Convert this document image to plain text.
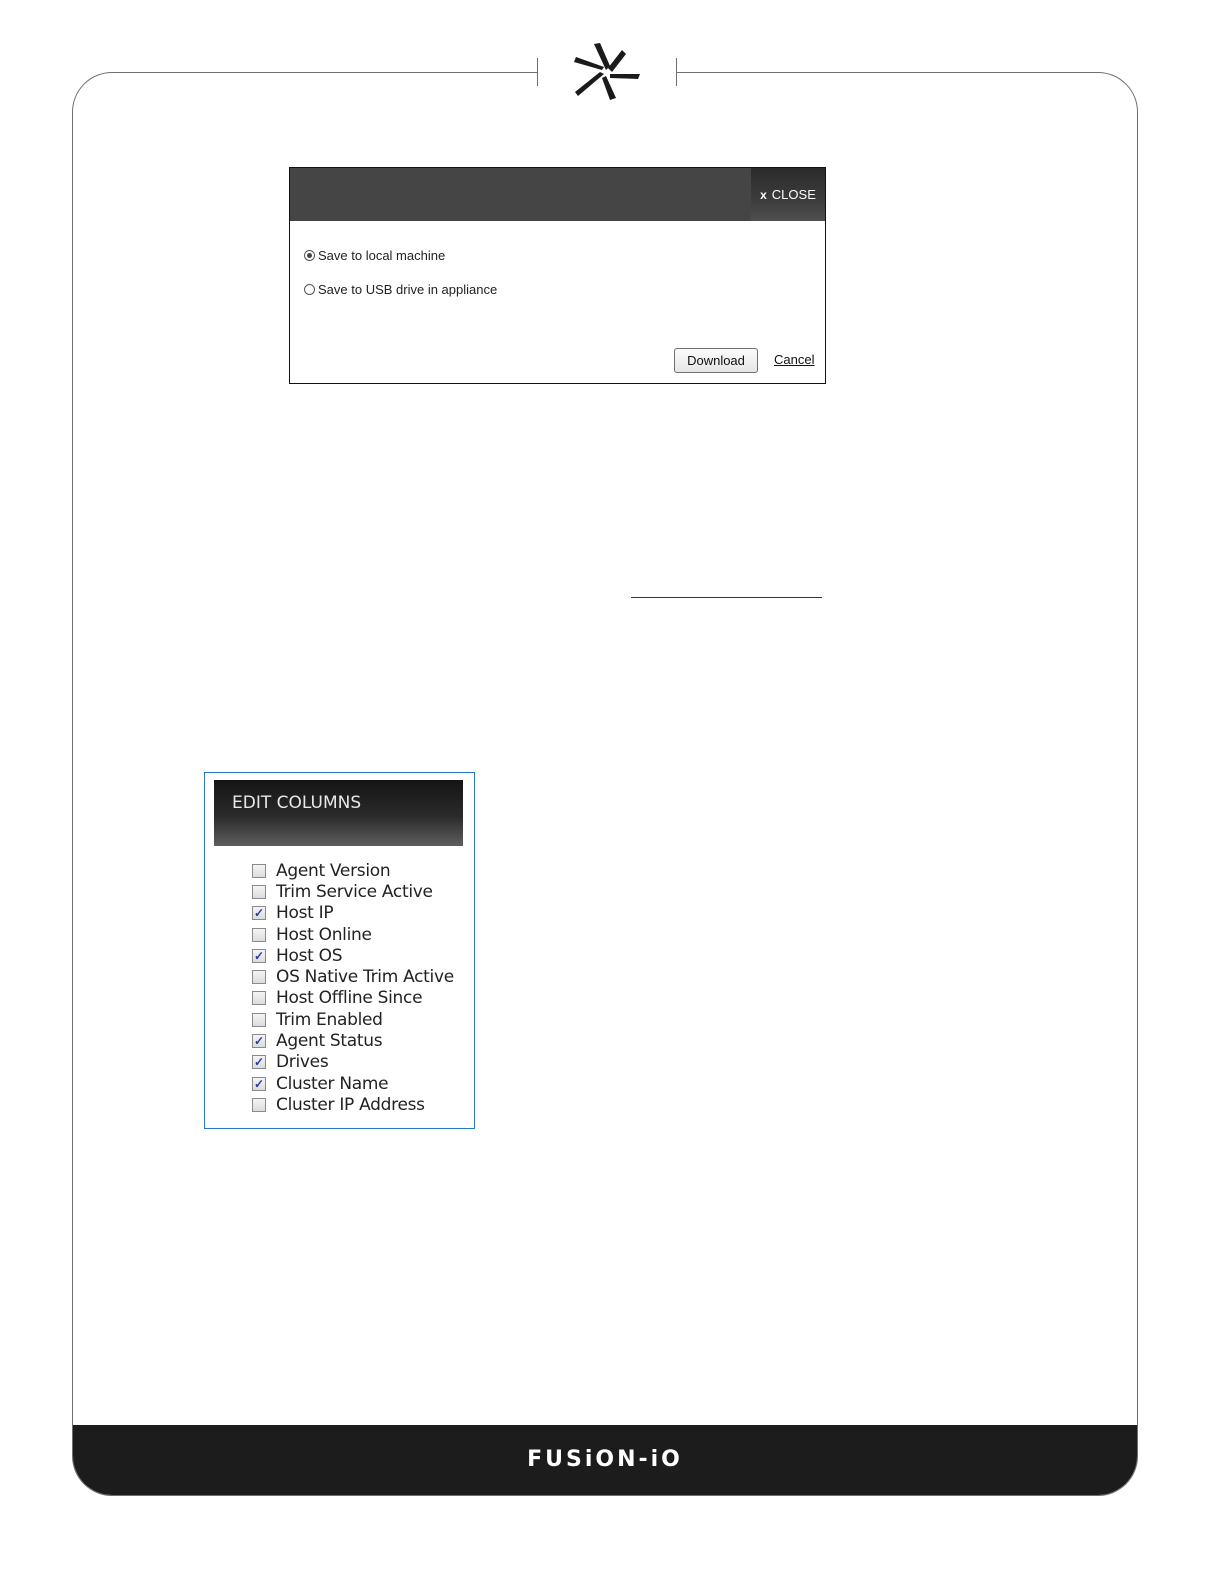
FUSiON-iO
x CLOSE
Save to local machine
Save to USB drive in appliance
Download	Cancel
EDIT COLUMNS
Agent Version
Trim Service Active
✓ Host IP
Host Online
✓ Host OS
OS Native Trim Active
Host Offline Since
Trim Enabled
✓ Agent Status
✓ Drives
✓ Cluster Name
Cluster IP Address
